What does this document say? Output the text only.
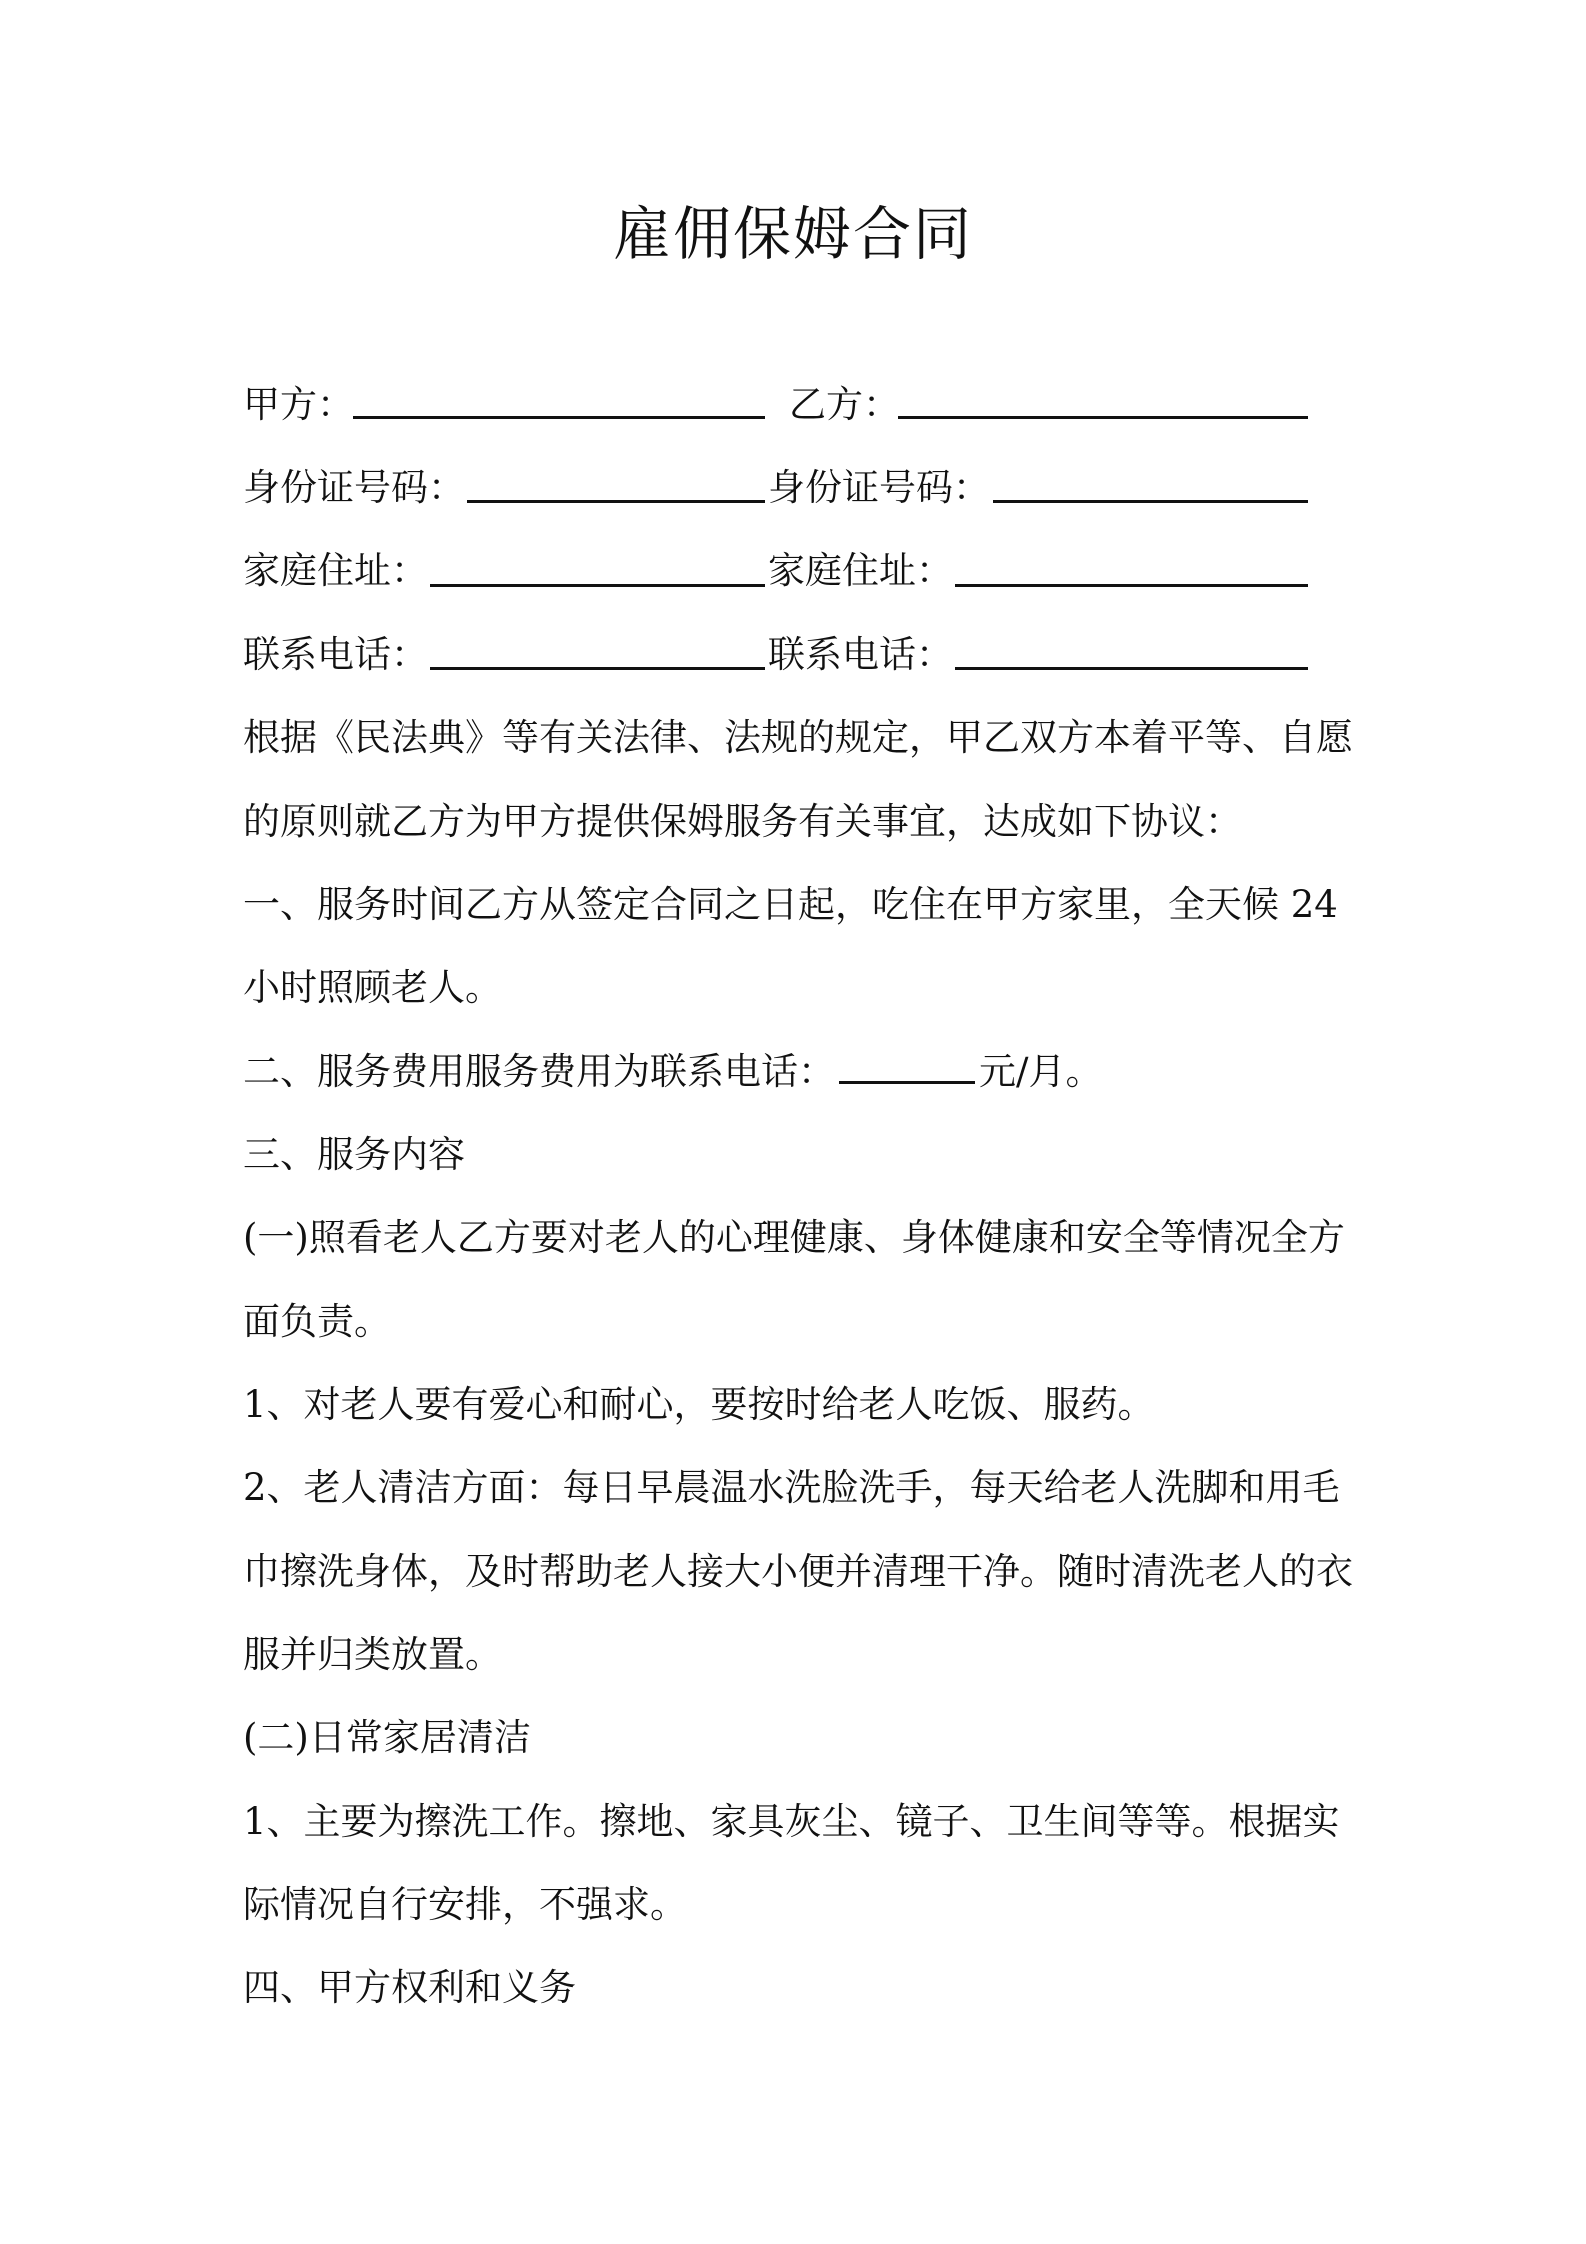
雇佣保姆合同
甲方：	乙方：
身份证号码：	身份证号码：
家庭住址：	家庭住址：
联系电话：	联系电话：
根据《民法典》等有关法律、法规的规定，甲乙双方本着平等、自愿
的原则就乙方为甲方提供保姆服务有关事宜，达成如下协议：
一、服务时间乙方从签定合同之日起，吃住在甲方家里，全天候 24
小时照顾老人。
二、服务费用服务费用为联系电话：	元/月。
三、服务内容
(一)照看老人乙方要对老人的心理健康、身体健康和安全等情况全方
面负责。
1、对老人要有爱心和耐心，要按时给老人吃饭、服药。
2、老人清洁方面：每日早晨温水洗脸洗手，每天给老人洗脚和用毛
巾擦洗身体，及时帮助老人接大小便并清理干净。随时清洗老人的衣
服并归类放置。
(二)日常家居清洁
1、主要为擦洗工作。擦地、家具灰尘、镜子、卫生间等等。根据实
际情况自行安排，不强求。
四、甲方权利和义务
